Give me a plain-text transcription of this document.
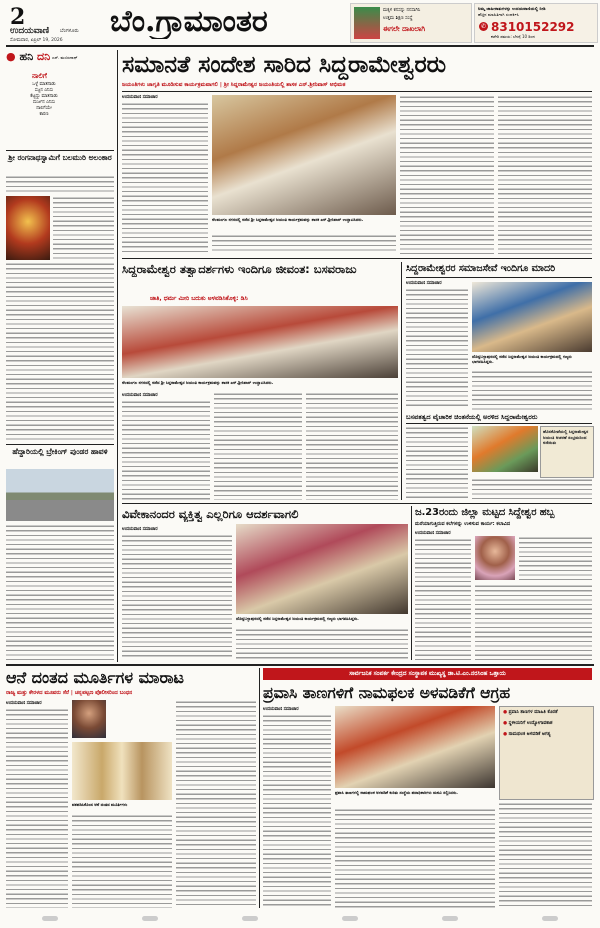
2
ಉದಯವಾಣಿ ಬೆಂಗಳೂರು
ಸೋಮವಾರ, ಏಪ್ರಿಲ್ 19, 2026
ಬೆಂ.ಗ್ರಾಮಾಂತರ	ಮಕ್ಕಳ ಕನಸನ್ನು ನನಸಾಗಿಸಿ
ಉತ್ತಮ ಶಿಕ್ಷಣ ಸಂಸ್ಥೆ
ಈಗಲೇ ದಾಖಲಾಗಿ
ನಿಮ್ಮ ಜಾಹೀರಾತುಗಳನ್ನು ಉದಯವಾಣಿಯಲ್ಲಿ ನೀಡಿ
ಹೆಚ್ಚಿನ ಮಾಹಿತಿಗಾಗಿ ಸಂಪರ್ಕಿಸಿ
✆ 8310152292
ಕಚೇರಿ ಸಮಯ: ಬೆಳಗ್ಗೆ 10 ರಿಂದ
● ಹನಿ ದನಿ ಎಸ್. ಮಂಜುನಾಥ್
ನಾಲಿಗೆ
ಒಳ್ಳೆ ಮಾತನಾಡು
ಸಜ್ಜನ ಎನಿಸು
ಕೆಟ್ಟದ್ದು ಮಾತನಾಡು
ದುರ್ಜನ ಎನಿಸು
ನಾಲಿಗೆಯೇ
ಕಾರಣ
ಶ್ರೀ ರಂಗನಾಥಸ್ವಾಮಿಗೆ ಬಲಮುರಿ ಅಲಂಕಾರ
ಹೆದ್ದಾರಿಯಲ್ಲಿ ಬ್ರೇಕಿಂಗ್ ಪುಂಡರ ಹಾವಳಿ
ಸಮಾನತೆ ಸಂದೇಶ ಸಾರಿದ ಸಿದ್ದರಾಮೇಶ್ವರರು
ಜಯಂತಿಗಳು ಜಾಗೃತಿ ಮೂಡಿಸುವ ಕಾರ್ಯಕ್ರಮವಾಗಲಿ | ಶ್ರೀ ಸಿದ್ದರಾಮೇಶ್ವರ ಜಯಂತಿಯಲ್ಲಿ ಶಾಸಕ ಎನ್.ಶ್ರೀನಿವಾಸ್ ಅಭಿಮತ
ಉದಯವಾಣಿ ಸಮಾಚಾರ
ನೆಲಮಂಗಲ ನಗರದಲ್ಲಿ ನಡೆದ ಶ್ರೀ ಸಿದ್ದರಾಮೇಶ್ವರ ಜಯಂತಿ ಕಾರ್ಯಕ್ರಮವನ್ನು ಶಾಸಕ ಎನ್.ಶ್ರೀನಿವಾಸ್ ಉದ್ಘಾಟಿಸಿದರು.
ಸಿದ್ದರಾಮೇಶ್ವರ ತತ್ವಾದರ್ಶಗಳು ಇಂದಿಗೂ ಜೀವಂತ: ಬಸವರಾಜು
ಜಾತಿ, ಧರ್ಮ ಮೀರಿ ಬದುಕು ಅಳವಡಿಸಿಕೊಳ್ಳಿ: ಡಿಸಿ
ನೆಲಮಂಗಲ ನಗರದಲ್ಲಿ ನಡೆದ ಶ್ರೀ ಸಿದ್ದರಾಮೇಶ್ವರ ಜಯಂತಿ ಕಾರ್ಯಕ್ರಮವನ್ನು ಶಾಸಕ ಎನ್.ಶ್ರೀನಿವಾಸ್ ಉದ್ಘಾಟಿಸಿದರು.
ಉದಯವಾಣಿ ಸಮಾಚಾರ
ಸಿದ್ದರಾಮೇಶ್ವರರ ಸಮಾಜಸೇವೆ ಇಂದಿಗೂ ಮಾದರಿ
ಉದಯವಾಣಿ ಸಮಾಚಾರ
ದೊಡ್ಡಬಳ್ಳಾಪುರದಲ್ಲಿ ನಡೆದ ಸಿದ್ದರಾಮೇಶ್ವರ ಜಯಂತಿ ಕಾರ್ಯಕ್ರಮದಲ್ಲಿ ಗಣ್ಯರು ಭಾಗವಹಿಸಿದ್ದರು.
ಬಸವತತ್ವದ ವೈಚಾರಿಕ ಚಿಂತನೆಯಲ್ಲಿ ಅರಳಿದ ಸಿದ್ದರಾಮೇಶ್ವರರು
ಹೊಸಕೋಟೆಯಲ್ಲಿ ಸಿದ್ದರಾಮೇಶ್ವರ ಜಯಂತಿ ಆಚರಣೆ ಸಂಭ್ರಮದಿಂದ ನಡೆಯಿತು
ವಿವೇಕಾನಂದರ ವ್ಯಕ್ತಿತ್ವ ಎಲ್ಲರಿಗೂ ಆದರ್ಶವಾಗಲಿ
ಉದಯವಾಣಿ ಸಮಾಚಾರ
ದೊಡ್ಡಬಳ್ಳಾಪುರದಲ್ಲಿ ನಡೆದ ಸಿದ್ದರಾಮೇಶ್ವರ ಜಯಂತಿ ಕಾರ್ಯಕ್ರಮದಲ್ಲಿ ಗಣ್ಯರು ಭಾಗವಹಿಸಿದ್ದರು.
ಜ.23ರಂದು ಜಿಲ್ಲಾ ಮಟ್ಟದ ಸಿದ್ದೇಶ್ವರ ಹಬ್ಬ
ಮರೆಯಾಗುತ್ತಿರುವ ಕಲೆಗಳನ್ನು ಉಳಿಸುವ ಕಾರ್ಯ: ಕಲಾವಿದ
ಉದಯವಾಣಿ ಸಮಾಚಾರ
ಆನೆ ದಂತದ ಮೂರ್ತಿಗಳ ಮಾರಾಟ
ರಾಜ್ಯ ಮತ್ತು ಕೇರಳದ ಮೂವರು ಸೆರೆ | ಚನ್ನಪಟ್ಟಣ ಪೊಲೀಸರಿಂದ ಬಂಧನ
ಉದಯವಾಣಿ ಸಮಾಚಾರ
ವಶಪಡಿಸಿಕೊಂಡ ಆನೆ ದಂತದ ಮೂರ್ತಿಗಳು
ಸಾರ್ವಜನಿಕ ಸಂಪರ್ಕ ಕೇಂದ್ರದ ಸಂಸ್ಥಾಪಕ ಮುಖ್ಯಸ್ಥ ಡಾ.ಟಿ.ಎಂ.ನರಸಿಂಹ ಒತ್ತಾಯ
ಪ್ರವಾಸಿ ತಾಣಗಳಿಗೆ ನಾಮಫಲಕ ಅಳವಡಿಕೆಗೆ ಆಗ್ರಹ
ಉದಯವಾಣಿ ಸಮಾಚಾರ
ಪ್ರವಾಸಿ ತಾಣಗಳಲ್ಲಿ ನಾಮಫಲಕ ಅಳವಡಿಕೆ ಕುರಿತು ಸಂಸ್ಥೆಯ ಪದಾಧಿಕಾರಿಗಳು ಮನವಿ ಸಲ್ಲಿಸಿದರು.
● ಪ್ರವಾಸಿ ತಾಣಗಳ ಮಾಹಿತಿ ಕೊರತೆ
● ಸ್ಥಳೀಯರಿಗೆ ಉದ್ಯೋಗಾವಕಾಶ
● ನಾಮಫಲಕ ಅಳವಡಿಕೆ ಅಗತ್ಯ
